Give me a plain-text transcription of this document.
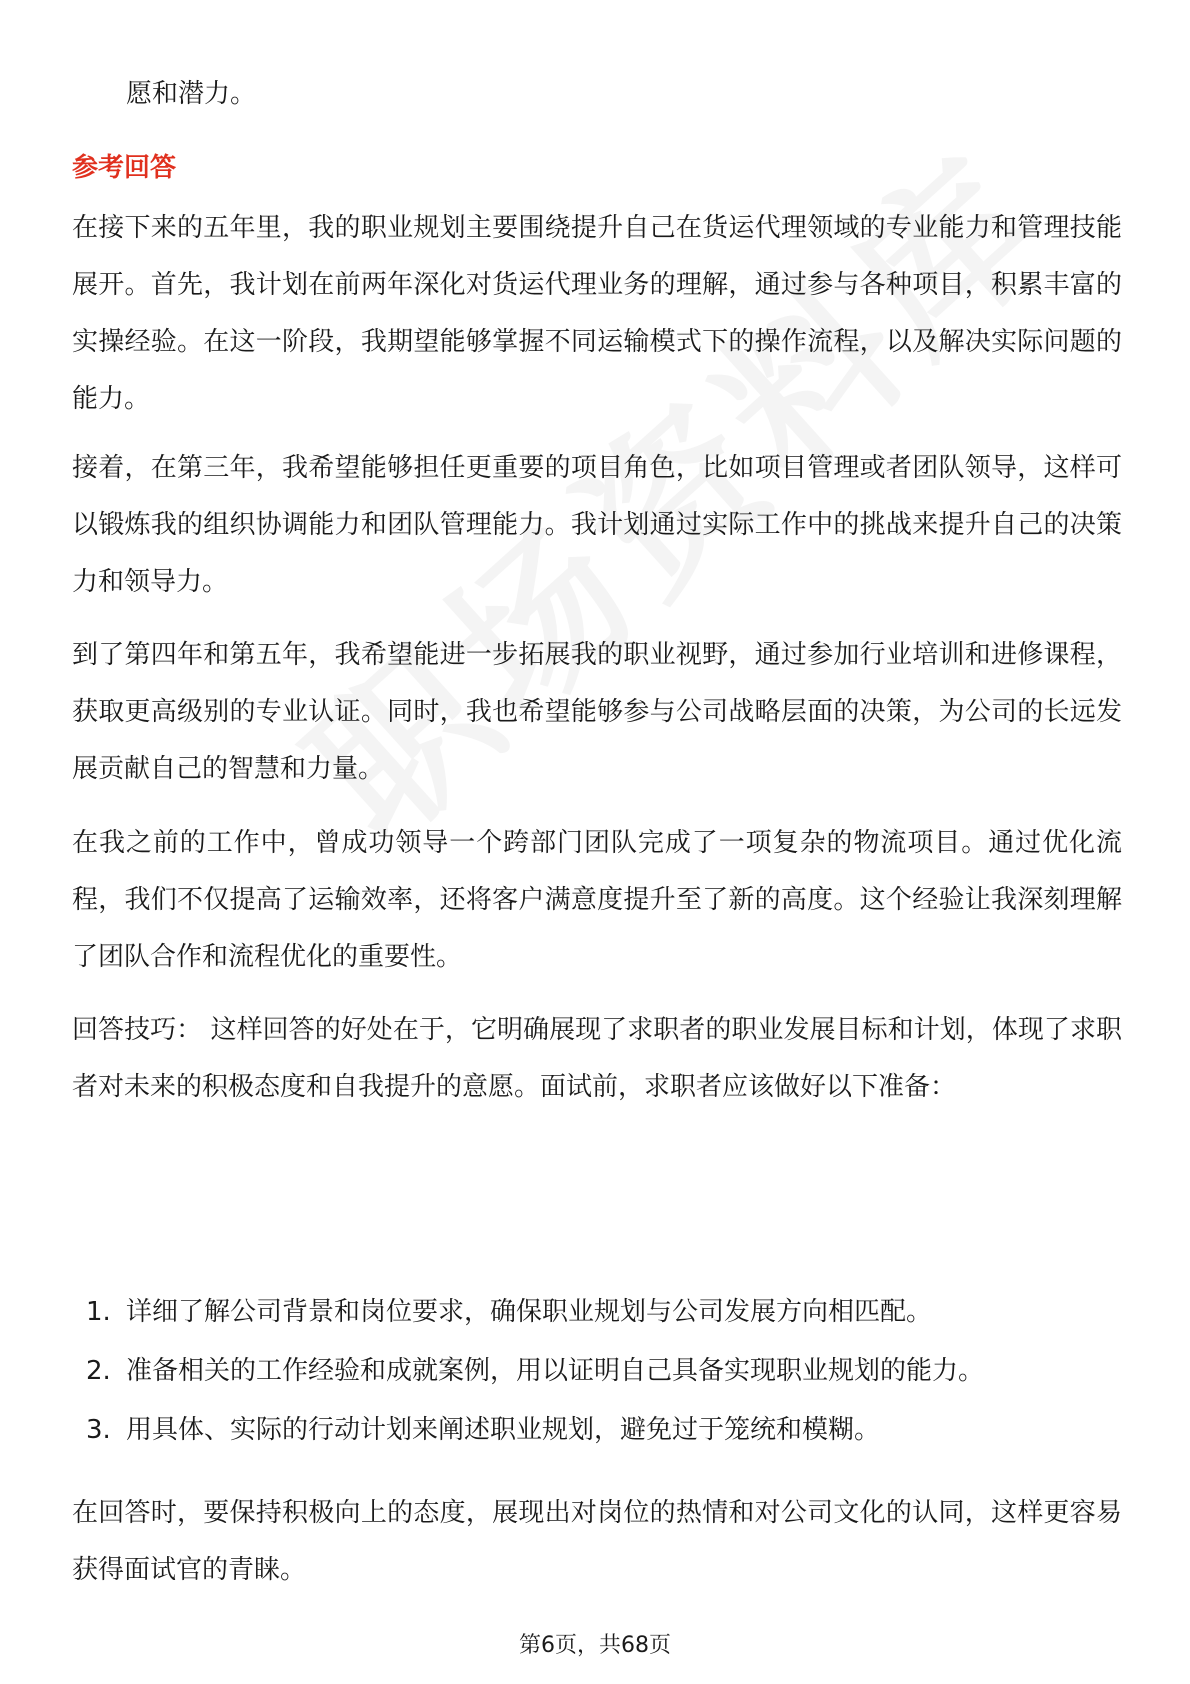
愿和潜力。
参考回答

在接下来的五年里，我的职业规划主要围绕提升自己在货运代理领域的专业能力和管理技能展开。首先，我计划在前两年深化对货运代理业务的理解，通过参与各种项目，积累丰富的实操经验。在这一阶段，我期望能够掌握不同运输模式下的操作流程，以及解决实际问题的能力。

接着，在第三年，我希望能够担任更重要的项目角色，比如项目管理或者团队领导，这样可以锻炼我的组织协调能力和团队管理能力。我计划通过实际工作中的挑战来提升自己的决策力和领导力。

到了第四年和第五年，我希望能进一步拓展我的职业视野，通过参加行业培训和进修课程，获取更高级别的专业认证。同时，我也希望能够参与公司战略层面的决策，为公司的长远发展贡献自己的智慧和力量。

在我之前的工作中，曾成功领导一个跨部门团队完成了一项复杂的物流项目。通过优化流程，我们不仅提高了运输效率，还将客户满意度提升至了新的高度。这个经验让我深刻理解了团队合作和流程优化的重要性。

回答技巧： 这样回答的好处在于，它明确展现了求职者的职业发展目标和计划，体现了求职者对未来的积极态度和自我提升的意愿。面试前，求职者应该做好以下准备：

1. 详细了解公司背景和岗位要求，确保职业规划与公司发展方向相匹配。
2. 准备相关的工作经验和成就案例，用以证明自己具备实现职业规划的能力。
3. 用具体、实际的行动计划来阐述职业规划，避免过于笼统和模糊。

在回答时，要保持积极向上的态度，展现出对岗位的热情和对公司文化的认同，这样更容易获得面试官的青睐。

第6页，共68页
